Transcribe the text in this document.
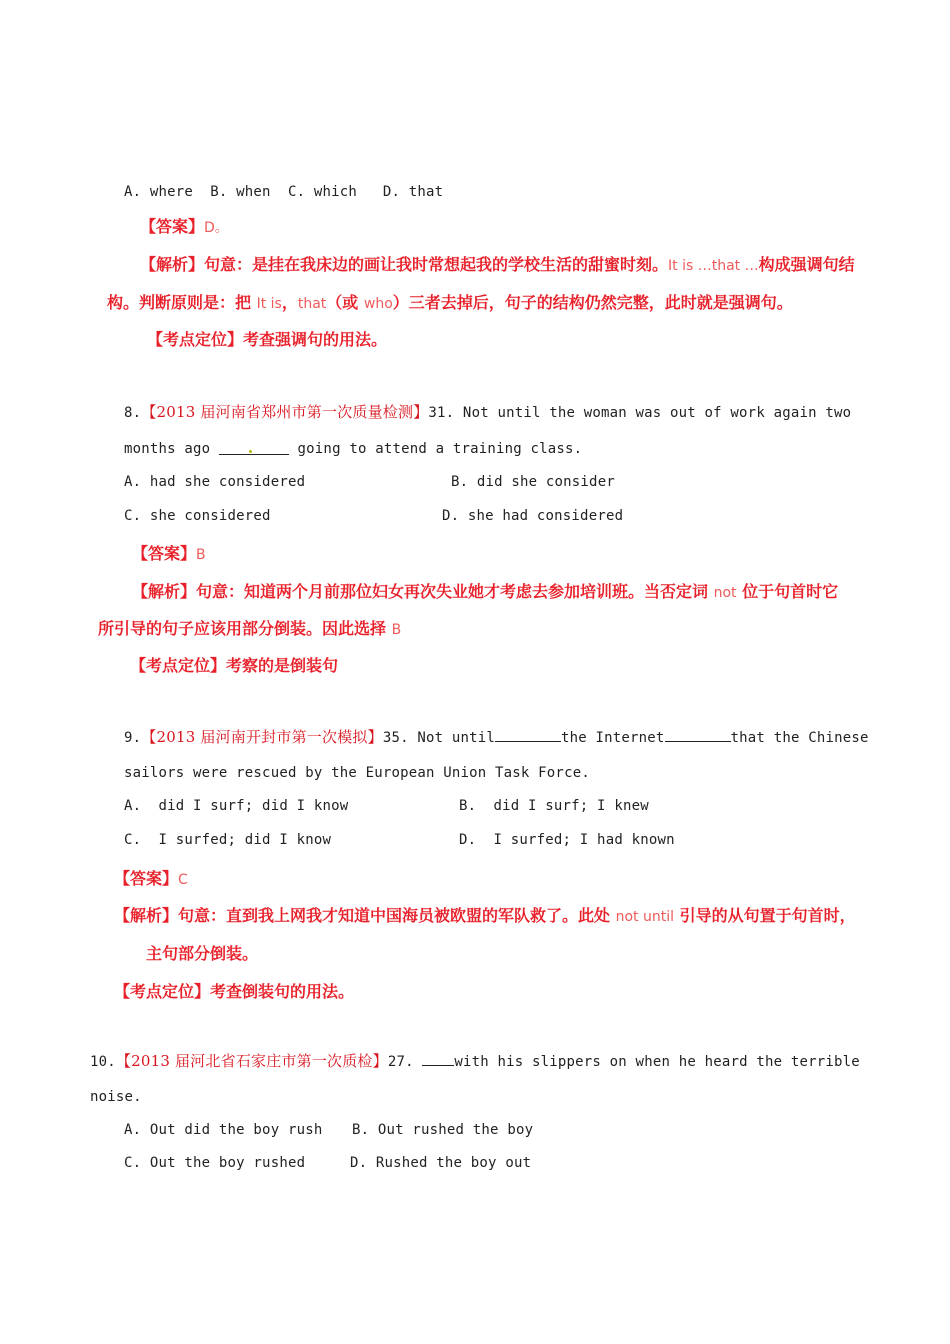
A. where  B. when  C. which   D. that
【答案】D。
【解析】句意：是挂在我床边的画让我时常想起我的学校生活的甜蜜时刻。It is …that …构成强调句结
构。判断原则是：把 It is，that（或 who）三者去掉后，句子的结构仍然完整，此时就是强调句。
【考点定位】考查强调句的用法。
8.【2013 届河南省郑州市第一次质量检测】31. Not until the woman was out of work again two
months ago	going to attend a training class.
A. had she considered	B. did she consider
C. she considered	D. she had considered
【答案】B
【解析】句意：知道两个月前那位妇女再次失业她才考虑去参加培训班。当否定词 not 位于句首时它
所引导的句子应该用部分倒装。因此选择 B
【考点定位】考察的是倒装句
9.【2013 届河南开封市第一次模拟】35. Not until	the Internet	that the Chinese
sailors were rescued by the European Union Task Force.
A.  did I surf; did I know	B.  did I surf; I knew
C.  I surfed; did I know	D.  I surfed; I had known
【答案】C
【解析】句意：直到我上网我才知道中国海员被欧盟的军队救了。此处 not until 引导的从句置于句首时，
主句部分倒装。
【考点定位】考查倒装句的用法。
10.【2013 届河北省石家庄市第一次质检】27. with his slippers on when he heard the terrible
noise.
A. Out did the boy rush B. Out rushed the boy
C. Out the boy rushed	D. Rushed the boy out
